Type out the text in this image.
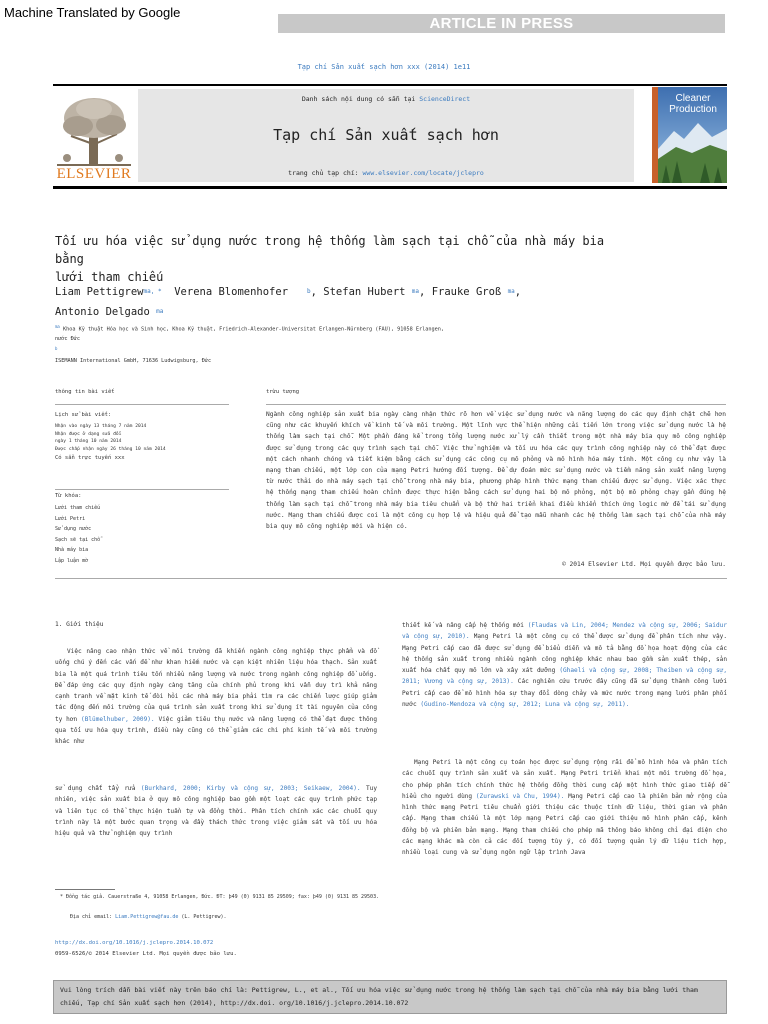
Machine Translated by Google
ARTICLE IN PRESS
Tạp chí Sản xuất sạch hơn xxx (2014) 1e11
ELSEVIER
Danh sách nội dung có sẵn tại ScienceDirect
Tạp chí Sản xuất sạch hơn
trang chủ tạp chí: www.elsevier.com/locate/jclepro
Cleaner Production
Tối ưu hóa việc sử dụng nước trong hệ thống làm sạch tại chỗ của nhà máy bia bằng
lưới tham chiếu
Liam Pettigrew$^{ma, *}$ Verena Blomenhofer	$^b$, Stefan Hubert $^{ma}$, Frauke Groß $^{ma}$,
Antonio Delgado $^{ma}$
$^{ma}$ Khoa Kỹ thuật Hóa học và Sinh học, Khoa Kỹ thuật, Friedrich-Alexander-Universitat Erlangen-Nürnberg (FAU), 91058 Erlangen,
nước Đức
$^b$
ISEMANN International GmbH, 71636 Ludwigsburg, Đức
thông tin bài viết
Lịch sử bài viết:
Nhận vào ngày 13 tháng 7 năm 2014
Nhận được ở dạng sửa đổi
ngày 1 tháng 10 năm 2014
Được chấp nhận ngày 26 tháng 10 năm 2014
Có sẵn trực tuyến xxx
Từ khóa:
Lưới tham chiếu
Lưới Petri
Sử dụng nước
Sạch sẽ tại chỗ
Nhà máy bia
Lập luận mờ
trừu tượng
Ngành công nghiệp sản xuất bia ngày càng nhận thức rõ hơn về việc sử dụng nước và năng lượng do các quy định chặt chẽ hơn cũng như các khuyến khích về kinh tế và môi trường. Một lĩnh vực thể hiện những cải tiến lớn trong việc sử dụng nước là hệ thống làm sạch tại chỗ. Một phần đáng kể trong tổng lượng nước xử lý cần thiết trong một nhà máy bia quy mô công nghiệp được sử dụng trong các quy trình sạch tại chỗ. Việc thử nghiệm và tối ưu hóa các quy trình công nghiệp này có thể đạt được một cách nhanh chóng và tiết kiệm bằng cách sử dụng các công cụ mô phỏng và mô hình hóa máy tính. Một công cụ như vậy là mạng tham chiếu, một lớp con của mạng Petri hướng đối tượng. Để dự đoán mức sử dụng nước và tiềm năng sản xuất năng lượng từ nước thải do nhà máy sạch tại chỗ trong nhà máy bia, phương pháp hình thức mạng tham chiếu được sử dụng. Việc xác thực hệ thống mạng tham chiếu hoàn chỉnh được thực hiện bằng cách sử dụng hai bộ mô phỏng, một bộ mô phỏng chạy gần đúng hệ thống làm sạch tại chỗ trong nhà máy bia tiêu chuẩn và bộ thứ hai triển khai điều khiển thích ứng logic mờ để tái sử dụng nước. Mạng tham chiếu được coi là một công cụ hợp lệ và hiệu quả để tạo mẫu nhanh các hệ thống làm sạch tại chỗ của nhà máy bia quy mô công nghiệp mới và hiện có.
© 2014 Elsevier Ltd. Mọi quyền được bảo lưu.
1. Giới thiệu
Việc nâng cao nhận thức về môi trường đã khiến ngành công nghiệp thực phẩm và đồ uống chú ý đến các vấn đề như khan hiếm nước và cạn kiệt nhiên liệu hóa thạch. Sản xuất bia là một quá trình tiêu tốn nhiều năng lượng và nước trong ngành công nghiệp đồ uống. Để đáp ứng các quy định ngày càng tăng của chính phủ trong khi vẫn duy trì khả năng cạnh tranh về mặt kinh tế đòi hỏi các nhà máy bia phải tìm ra các chiến lược giúp giảm tác động đến môi trường của quá trình sản xuất trong khi sử dụng ít tài nguyên của công ty hơn (Blümelhuber, 2009). Việc giảm tiêu thụ nước và năng lượng có thể đạt được thông qua tối ưu hóa quy trình, điều này cũng có thể giảm các chi phí kinh tế và môi trường khác như
sử dụng chất tẩy rửa (Burkhard, 2000; Kirby và cộng sự, 2003; Seikaew, 2004). Tuy nhiên, việc sản xuất bia ở quy mô công nghiệp bao gồm một loạt các quy trình phức tạp và liên tục có thể thực hiện tuần tự và đồng thời. Phân tích chính xác các chuỗi quy trình này là một bước quan trọng và đầy thách thức trong việc giảm sát và tối ưu hóa hiệu quả và thử nghiệm quy trình
thiết kế và nâng cấp hệ thống mới (Flaudas và Lin, 2004; Mendez và cộng sự, 2006; Saidur và cộng sự, 2010). Mạng Petri là một công cụ có thể được sử dụng để phân tích như vậy. Mạng Petri cấp cao đã được sử dụng để biểu diễn và mô tả bằng đồ họa hoạt động của các hệ thống sản xuất trong nhiều ngành công nghiệp khác nhau bao gồm sản xuất thép, sản xuất hóa chất quy mô lớn và xây xát dưỡng (Ghaeli và cộng sự, 2008; Theiben và cộng sự, 2011; Vương và cộng sự, 2013). Các nghiên cứu trước đây cũng đã sử dụng thành công lưới Petri cấp cao để mô hình hóa sự thay đổi dòng chảy và mức nước trong mạng lưới phân phối nước (Gudino-Mendoza và cộng sự, 2012; Luna và cộng sự, 2011).
Mạng Petri là một công cụ toán học được sử dụng rộng rãi để mô hình hóa và phân tích các chuỗi quy trình sản xuất và sản xuất. Mạng Petri triển khai một môi trường đồ họa, cho phép phân tích chính thức hệ thống đồng thời cung cấp một hình thức giao tiếp dễ hiểu cho người dùng (Zurawski và Chu, 1994). Mạng Petri cấp cao là phiên bản mở rộng của hình thức mạng Petri tiêu chuẩn giới thiệu các thuộc tính dữ liệu, thời gian và phân cấp. Mạng tham chiếu là một lớp mạng Petri cấp cao giới thiệu mô hình phân cấp, kênh đồng bộ và phiên bản mạng. Mạng tham chiếu cho phép mã thông báo không chỉ đại diện cho các mạng khác mà còn cả các đối tượng tùy ý, có đối tượng quản lý dữ liệu tích hợp, nhiều loại cung và sử dụng ngôn ngữ lập trình Java
* Đồng tác giả. Cauerstraße 4, 91058 Erlangen, Đức. ĐT: þ49 (0) 9131 85 29509; fax: þ49 (0) 9131 85 29503.
Địa chỉ email: Liam.Pettigrew@fau.de (L. Pettigrew).
http://dx.doi.org/10.1016/j.jclepro.2014.10.072
0959-6526/© 2014 Elsevier Ltd. Mọi quyền được bảo lưu.
Vui lòng trích dẫn bài viết này trên báo chí là: Pettigrew, L., et al., Tối ưu hóa việc sử dụng nước trong hệ thống làm sạch tại chỗ của nhà máy bia bằng lưới tham chiếu, Tạp chí Sản xuất sạch hơn (2014), http://dx.doi. org/10.1016/j.jclepro.2014.10.072
